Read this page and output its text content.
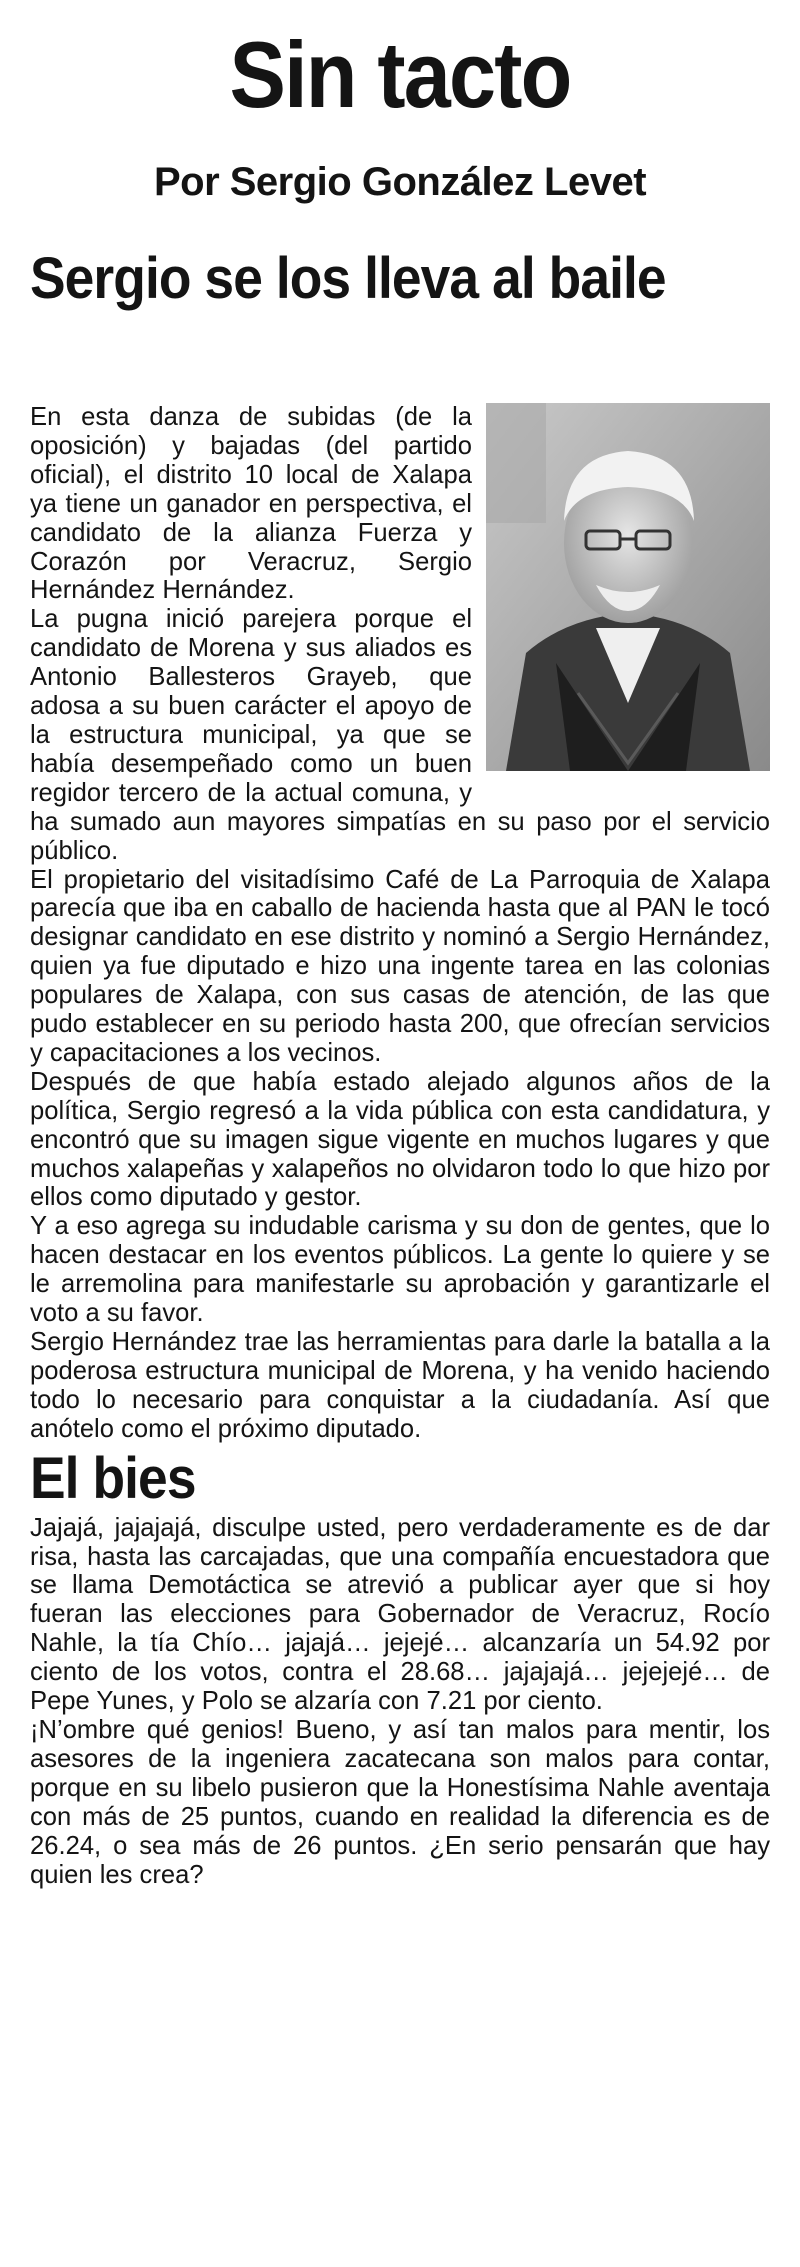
Sin tacto
Por Sergio González Levet
Sergio se los lleva al baile

En esta danza de subidas (de la oposición) y bajadas (del partido oficial), el distrito 10 local de Xalapa ya tiene un ganador en perspectiva, el candidato de la alianza Fuerza y Corazón por Veracruz, Sergio Hernández Hernández.

La pugna inició parejera porque el candidato de Morena y sus aliados es Antonio Ballesteros Grayeb, que adosa a su buen carácter el apoyo de la estructura municipal, ya que se había desempeñado como un buen regidor tercero de la actual comuna, y ha sumado aun mayores simpatías en su paso por el servicio público.

El propietario del visitadísimo Café de La Parroquia de Xalapa parecía que iba en caballo de hacienda hasta que al PAN le tocó designar candidato en ese distrito y nominó a Sergio Hernández, quien ya fue diputado e hizo una ingente tarea en las colonias populares de Xalapa, con sus casas de atención, de las que pudo establecer en su periodo hasta 200, que ofrecían servicios y capacitaciones a los vecinos.

Después de que había estado alejado algunos años de la política, Sergio regresó a la vida pública con esta candidatura, y encontró que su imagen sigue vigente en muchos lugares y que muchos xalapeñas y xalapeños no olvidaron todo lo que hizo por ellos como diputado y gestor.

Y a eso agrega su indudable carisma y su don de gentes, que lo hacen destacar en los eventos públicos. La gente lo quiere y se le arremolina para manifestarle su aprobación y garantizarle el voto a su favor.

Sergio Hernández trae las herramientas para darle la batalla a la poderosa estructura municipal de Morena, y ha venido haciendo todo lo necesario para conquistar a la ciudadanía. Así que anótelo como el próximo diputado.

El bies

Jajajá, jajajajá, disculpe usted, pero verdaderamente es de dar risa, hasta las carcajadas, que una compañía encuestadora que se llama Demotáctica se atrevió a publicar ayer que si hoy fueran las elecciones para Gobernador de Veracruz, Rocío Nahle, la tía Chío… jajajá… jejejé… alcanzaría un 54.92 por ciento de los votos, contra el 28.68… jajajajá… jejejejé… de Pepe Yunes, y Polo se alzaría con 7.21 por ciento.

¡N’ombre qué genios! Bueno, y así tan malos para mentir, los asesores de la ingeniera zacatecana son malos para contar, porque en su libelo pusieron que la Honestísima Nahle aventaja con más de 25 puntos, cuando en realidad la diferencia es de 26.24, o sea más de 26 puntos. ¿En serio pensarán que hay quien les crea?
